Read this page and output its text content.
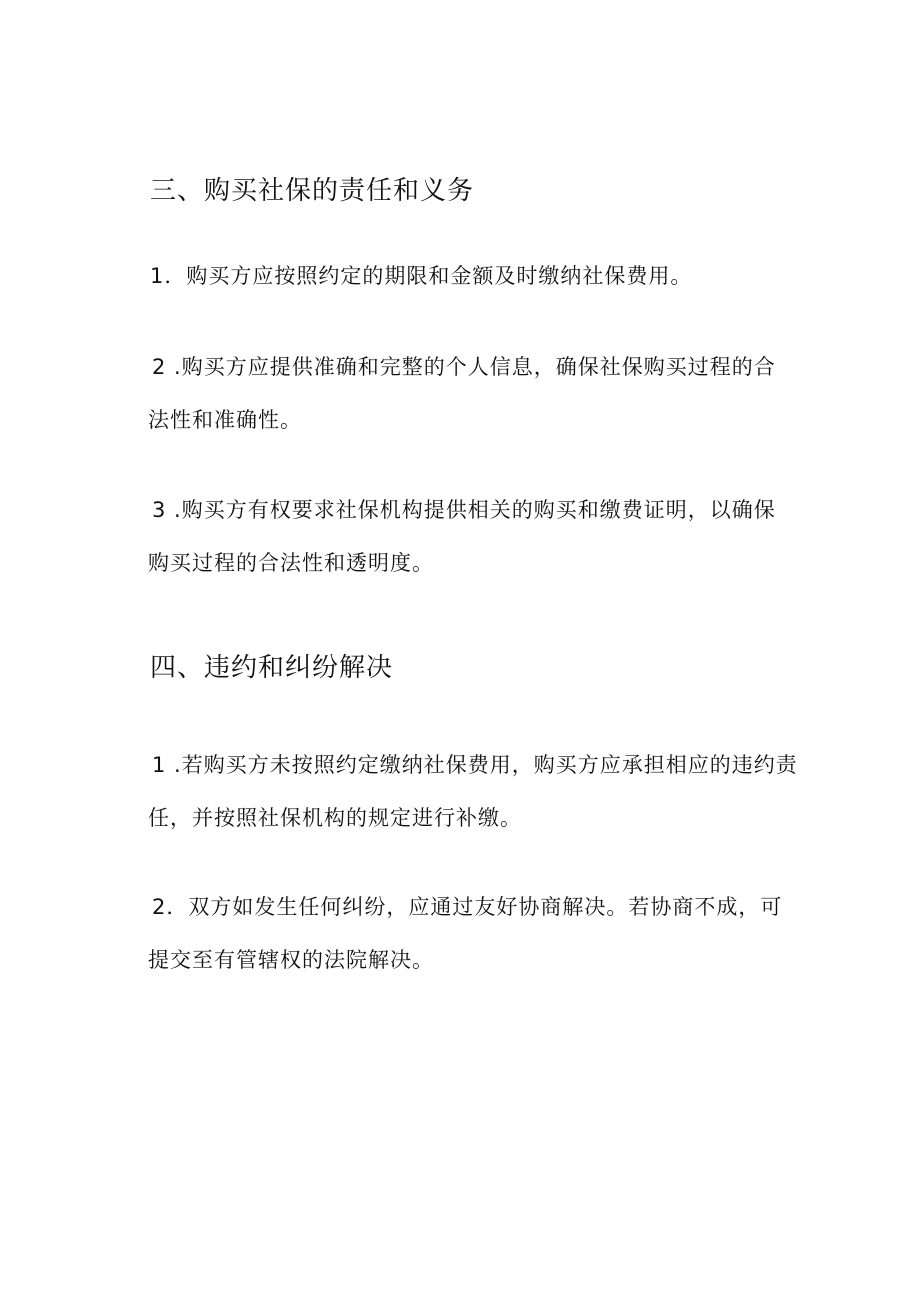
三、购买社保的责任和义务

1．购买方应按照约定的期限和金额及时缴纳社保费用。

2 .购买方应提供准确和完整的个人信息，确保社保购买过程的合
法性和准确性。

3 .购买方有权要求社保机构提供相关的购买和缴费证明，以确保
购买过程的合法性和透明度。

四、违约和纠纷解决

1 .若购买方未按照约定缴纳社保费用，购买方应承担相应的违约责
任，并按照社保机构的规定进行补缴。

2．双方如发生任何纠纷，应通过友好协商解决。若协商不成，可
提交至有管辖权的法院解决。
